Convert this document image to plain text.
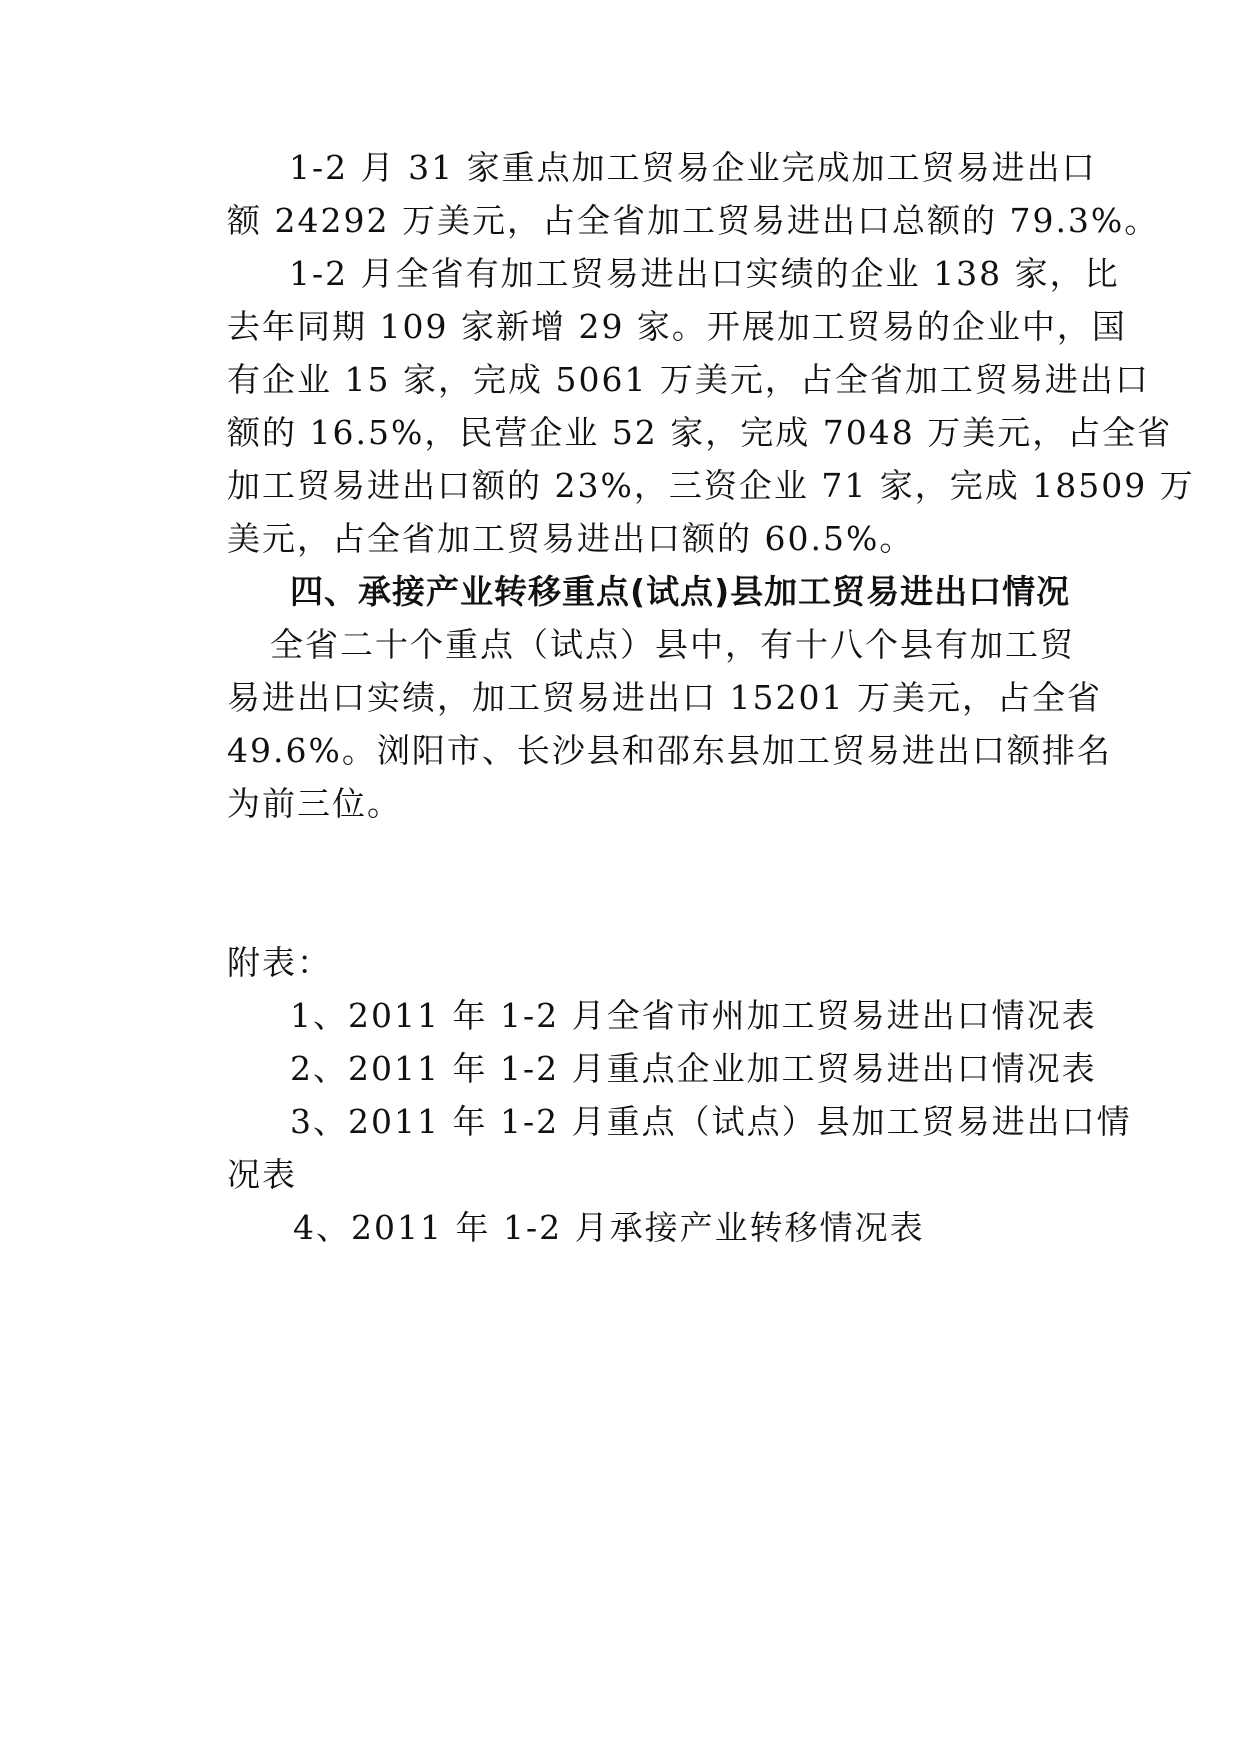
1-2 月 31 家重点加工贸易企业完成加工贸易进出口
额 24292 万美元，占全省加工贸易进出口总额的 79.3%。
1-2 月全省有加工贸易进出口实绩的企业 138 家，比
去年同期 109 家新增 29 家。开展加工贸易的企业中，国
有企业 15 家，完成 5061 万美元，占全省加工贸易进出口
额的 16.5%，民营企业 52 家，完成 7048 万美元，占全省
加工贸易进出口额的 23%，三资企业 71 家，完成 18509 万
美元，占全省加工贸易进出口额的 60.5%。
四、承接产业转移重点(试点)县加工贸易进出口情况
全省二十个重点（试点）县中，有十八个县有加工贸
易进出口实绩，加工贸易进出口 15201 万美元，占全省
49.6%。浏阳市、长沙县和邵东县加工贸易进出口额排名
为前三位。
附表：
1、2011 年 1-2 月全省市州加工贸易进出口情况表
2、2011 年 1-2 月重点企业加工贸易进出口情况表
3、2011 年 1-2 月重点（试点）县加工贸易进出口情
况表
4、2011 年 1-2 月承接产业转移情况表
